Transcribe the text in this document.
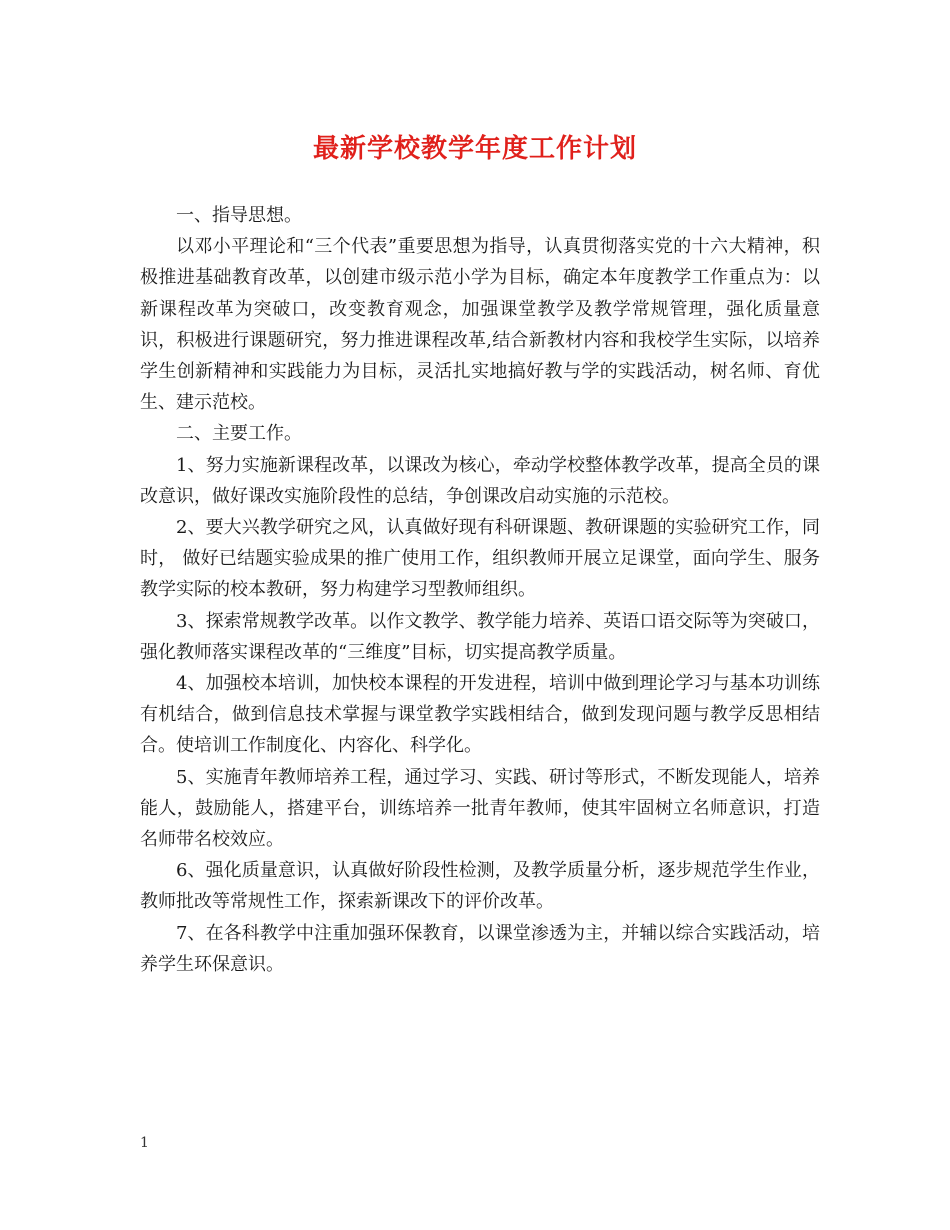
最新学校教学年度工作计划

一、指导思想。

以邓小平理论和“三个代表”重要思想为指导，认真贯彻落实党的十六大精神，积极推进基础教育改革，以创建市级示范小学为目标，确定本年度教学工作重点为：以新课程改革为突破口，改变教育观念，加强课堂教学及教学常规管理，强化质量意识，积极进行课题研究，努力推进课程改革,结合新教材内容和我校学生实际，以培养学生创新精神和实践能力为目标，灵活扎实地搞好教与学的实践活动，树名师、育优生、建示范校。

二、主要工作。

1、努力实施新课程改革，以课改为核心，牵动学校整体教学改革，提高全员的课改意识，做好课改实施阶段性的总结，争创课改启动实施的示范校。

2、要大兴教学研究之风，认真做好现有科研课题、教研课题的实验研究工作，同时， 做好已结题实验成果的推广使用工作，组织教师开展立足课堂，面向学生、服务教学实际的校本教研，努力构建学习型教师组织。

3、探索常规教学改革。以作文教学、教学能力培养、英语口语交际等为突破口，强化教师落实课程改革的“三维度”目标，切实提高教学质量。

4、加强校本培训，加快校本课程的开发进程，培训中做到理论学习与基本功训练有机结合，做到信息技术掌握与课堂教学实践相结合，做到发现问题与教学反思相结合。使培训工作制度化、内容化、科学化。

5、实施青年教师培养工程，通过学习、实践、研讨等形式，不断发现能人，培养能人，鼓励能人，搭建平台，训练培养一批青年教师，使其牢固树立名师意识，打造名师带名校效应。

6、强化质量意识，认真做好阶段性检测，及教学质量分析，逐步规范学生作业，教师批改等常规性工作，探索新课改下的评价改革。

7、在各科教学中注重加强环保教育，以课堂渗透为主，并辅以综合实践活动，培养学生环保意识。

1
